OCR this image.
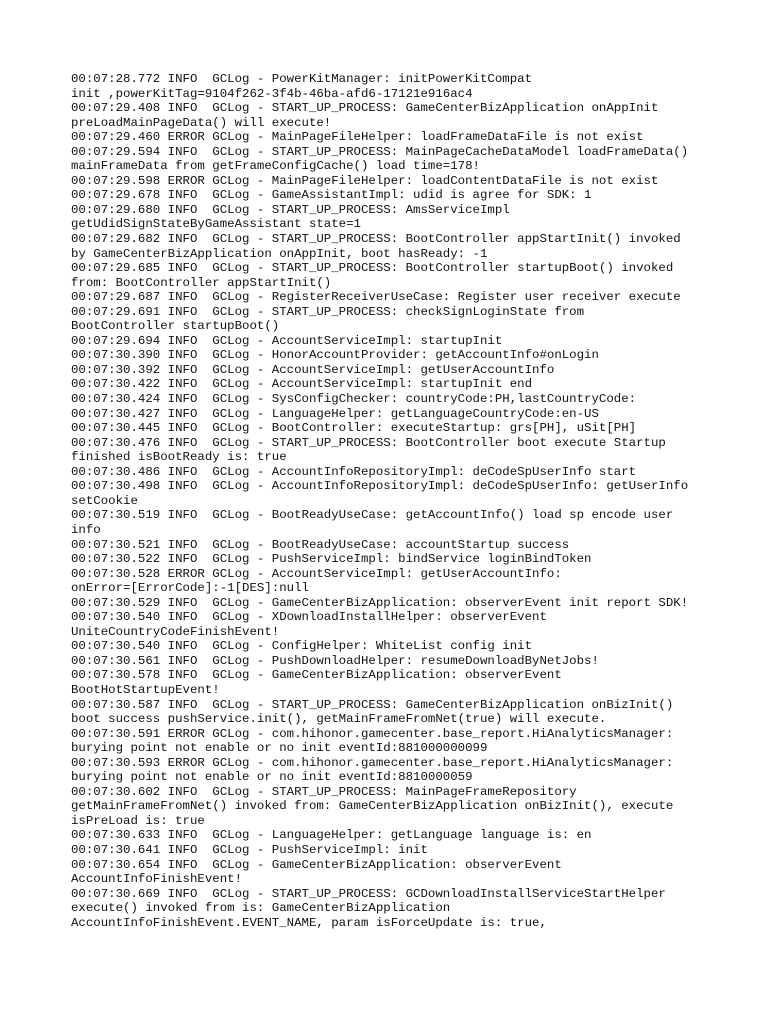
00:07:28.772 INFO  GCLog - PowerKitManager: initPowerKitCompat
init ,powerKitTag=9104f262-3f4b-46ba-afd6-17121e916ac4
00:07:29.408 INFO  GCLog - START_UP_PROCESS: GameCenterBizApplication onAppInit
preLoadMainPageData() will execute!
00:07:29.460 ERROR GCLog - MainPageFileHelper: loadFrameDataFile is not exist
00:07:29.594 INFO  GCLog - START_UP_PROCESS: MainPageCacheDataModel loadFrameData()
mainFrameData from getFrameConfigCache() load time=178!
00:07:29.598 ERROR GCLog - MainPageFileHelper: loadContentDataFile is not exist
00:07:29.678 INFO  GCLog - GameAssistantImpl: udid is agree for SDK: 1
00:07:29.680 INFO  GCLog - START_UP_PROCESS: AmsServiceImpl
getUdidSignStateByGameAssistant state=1
00:07:29.682 INFO  GCLog - START_UP_PROCESS: BootController appStartInit() invoked
by GameCenterBizApplication onAppInit, boot hasReady: -1
00:07:29.685 INFO  GCLog - START_UP_PROCESS: BootController startupBoot() invoked
from: BootController appStartInit()
00:07:29.687 INFO  GCLog - RegisterReceiverUseCase: Register user receiver execute
00:07:29.691 INFO  GCLog - START_UP_PROCESS: checkSignLoginState from
BootController startupBoot()
00:07:29.694 INFO  GCLog - AccountServiceImpl: startupInit
00:07:30.390 INFO  GCLog - HonorAccountProvider: getAccountInfo#onLogin
00:07:30.392 INFO  GCLog - AccountServiceImpl: getUserAccountInfo
00:07:30.422 INFO  GCLog - AccountServiceImpl: startupInit end
00:07:30.424 INFO  GCLog - SysConfigChecker: countryCode:PH,lastCountryCode:
00:07:30.427 INFO  GCLog - LanguageHelper: getLanguageCountryCode:en-US
00:07:30.445 INFO  GCLog - BootController: executeStartup: grs[PH], uSit[PH]
00:07:30.476 INFO  GCLog - START_UP_PROCESS: BootController boot execute Startup
finished isBootReady is: true
00:07:30.486 INFO  GCLog - AccountInfoRepositoryImpl: deCodeSpUserInfo start
00:07:30.498 INFO  GCLog - AccountInfoRepositoryImpl: deCodeSpUserInfo: getUserInfo
setCookie
00:07:30.519 INFO  GCLog - BootReadyUseCase: getAccountInfo() load sp encode user
info
00:07:30.521 INFO  GCLog - BootReadyUseCase: accountStartup success
00:07:30.522 INFO  GCLog - PushServiceImpl: bindService loginBindToken
00:07:30.528 ERROR GCLog - AccountServiceImpl: getUserAccountInfo:
onError=[ErrorCode]:-1[DES]:null
00:07:30.529 INFO  GCLog - GameCenterBizApplication: observerEvent init report SDK!
00:07:30.540 INFO  GCLog - XDownloadInstallHelper: observerEvent
UniteCountryCodeFinishEvent!
00:07:30.540 INFO  GCLog - ConfigHelper: WhiteList config init
00:07:30.561 INFO  GCLog - PushDownloadHelper: resumeDownloadByNetJobs!
00:07:30.578 INFO  GCLog - GameCenterBizApplication: observerEvent
BootHotStartupEvent!
00:07:30.587 INFO  GCLog - START_UP_PROCESS: GameCenterBizApplication onBizInit()
boot success pushService.init(), getMainFrameFromNet(true) will execute.
00:07:30.591 ERROR GCLog - com.hihonor.gamecenter.base_report.HiAnalyticsManager:
burying point not enable or no init eventId:881000000099
00:07:30.593 ERROR GCLog - com.hihonor.gamecenter.base_report.HiAnalyticsManager:
burying point not enable or no init eventId:8810000059
00:07:30.602 INFO  GCLog - START_UP_PROCESS: MainPageFrameRepository
getMainFrameFromNet() invoked from: GameCenterBizApplication onBizInit(), execute
isPreLoad is: true
00:07:30.633 INFO  GCLog - LanguageHelper: getLanguage language is: en
00:07:30.641 INFO  GCLog - PushServiceImpl: init
00:07:30.654 INFO  GCLog - GameCenterBizApplication: observerEvent
AccountInfoFinishEvent!
00:07:30.669 INFO  GCLog - START_UP_PROCESS: GCDownloadInstallServiceStartHelper
execute() invoked from is: GameCenterBizApplication
AccountInfoFinishEvent.EVENT_NAME, param isForceUpdate is: true,
